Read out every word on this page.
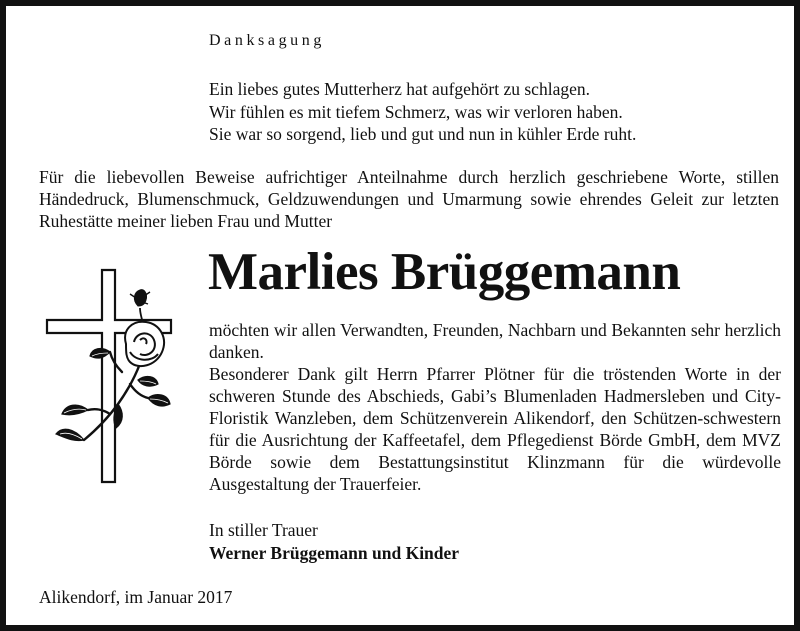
Danksagung
Ein liebes gutes Mutterherz hat aufgehört zu schlagen.
Wir fühlen es mit tiefem Schmerz, was wir verloren haben.
Sie war so sorgend, lieb und gut und nun in kühler Erde ruht.
Für die liebevollen Beweise aufrichtiger Anteilnahme durch herzlich geschriebene Worte, stillen Händedruck, Blumenschmuck, Geldzuwendungen und Umarmung sowie ehrendes Geleit zur letzten Ruhestätte meiner lieben Frau und Mutter
Marlies Brüggemann

möchten wir allen Verwandten, Freunden, Nachbarn und Bekannten sehr herzlich danken.

Besonderer Dank gilt Herrn Pfarrer Plötner für die tröstenden Worte in der schweren Stunde des Abschieds, Gabi’s Blumenladen Hadmersleben und City-Floristik Wanzleben, dem Schützenverein Alikendorf, den Schützen-schwestern für die Ausrichtung der Kaffeetafel, dem Pflegedienst Börde GmbH, dem MVZ Börde sowie dem Bestattungsinstitut Klinzmann für die würdevolle Ausgestaltung der Trauerfeier.

In stiller Trauer
Werner Brüggemann und Kinder
Alikendorf, im Januar 2017
